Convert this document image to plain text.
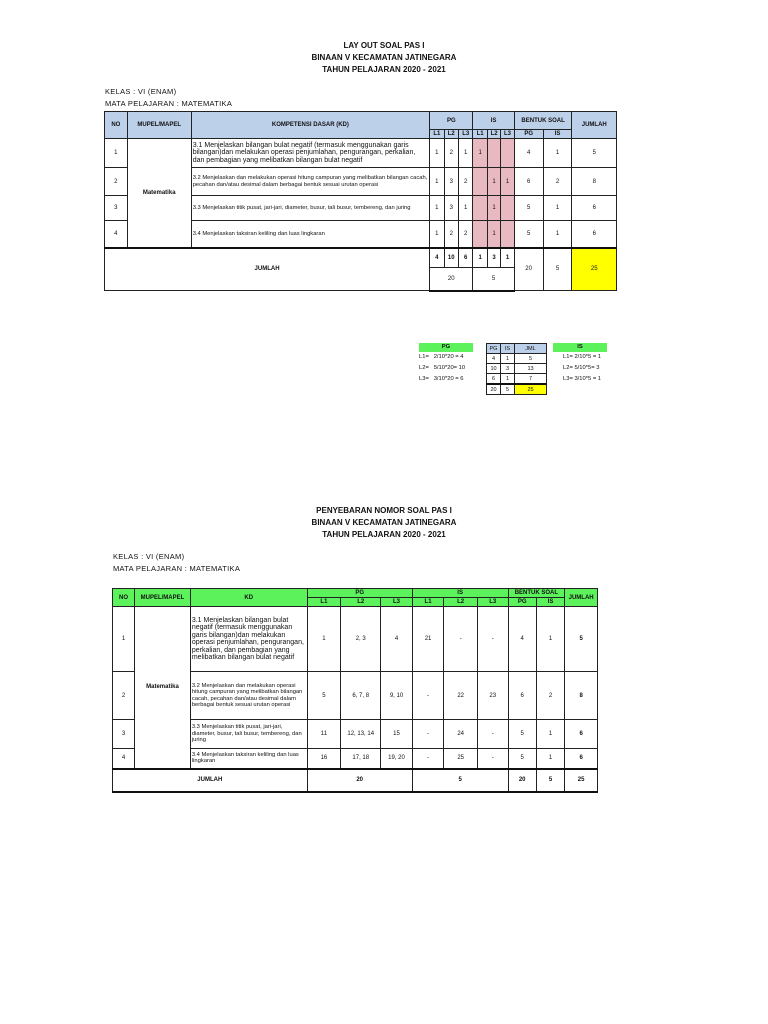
LAY OUT SOAL PAS I
BINAAN V KECAMATAN JATINEGARA
TAHUN PELAJARAN 2020 - 2021
KELAS : VI (ENAM)
MATA PELAJARAN : MATEMATIKA
NO	MUPEL/MAPEL	KOMPETENSI DASAR (KD)	PG			IS			BENTUK SOAL		JUMLAH
			L1	L2	L3	L1	L2	L3	PG	IS	
1	Matematika	3.1 Menjelaskan bilangan bulat negatif (termasuk menggunakan garis bilangan)dan melakukan operasi penjumlahan, pengurangan, perkalian, dan pembagian yang melibatkan bilangan bulat negatif	1	2	1	1			4	1	5
2		3.2 Menjelaskan dan melakukan operasi hitung campuran yang melibatkan bilangan cacah, pecahan dan/atau desimal dalam berbagai bentuk sesuai urutan operasi	1	3	2		1	1	6	2	8
3		3.3 Menjelaskan titik pusat, jari-jari, diameter, busur, tali busur, tembereng, dan juring	1	3	1		1		5	1	6
4		3.4 Menjelaskan taksiran keliling dan luas lingkaran	1	2	2		1		5	1	6
JUMLAH			4	10	6	1	3	1	20	5	25
			20			5					
PG
L1= 2/10*20 = 4
L2= 5/10*20= 10
L3= 3/10*20 = 6
PG	IS	JML
4	1	5
10	3	13
6	1	7
20	5	25
IS
L1= 2/10*5 = 1
L2= 5/10*5= 3
L3= 3/10*5 = 1
PENYEBARAN NOMOR SOAL PAS I
BINAAN V KECAMATAN JATINEGARA
TAHUN PELAJARAN 2020 - 2021
KELAS : VI (ENAM)
MATA PELAJARAN : MATEMATIKA
NO	MUPEL/MAPEL	KD	PG			IS			BENTUK SOAL		JUMLAH
			L1	L2	L3	L1	L2	L3	PG	IS	
1	Matematika	3.1 Menjelaskan bilangan bulat negatif (termasuk menggunakan garis bilangan)dan melakukan operasi penjumlahan, pengurangan, perkalian, dan pembagian yang melibatkan bilangan bulat negatif	1	2, 3	4	21	-	-	4	1	5
2		3.2 Menjelaskan dan melakukan operasi hitung campuran yang melibatkan bilangan cacah, pecahan dan/atau desimal dalam berbagai bentuk sesuai urutan operasi	5	6, 7, 8	9, 10	-	22	23	6	2	8
3		3.3 Menjelaskan titik pusat, jari-jari, diameter, busur, tali busur, tembereng, dan juring	11	12, 13, 14	15	-	24	-	5	1	6
4		3.4 Menjelaskan taksiran keliling dan luas lingkaran	16	17, 18	19, 20	-	25	-	5	1	6
JUMLAH			20			5			20	5	25
